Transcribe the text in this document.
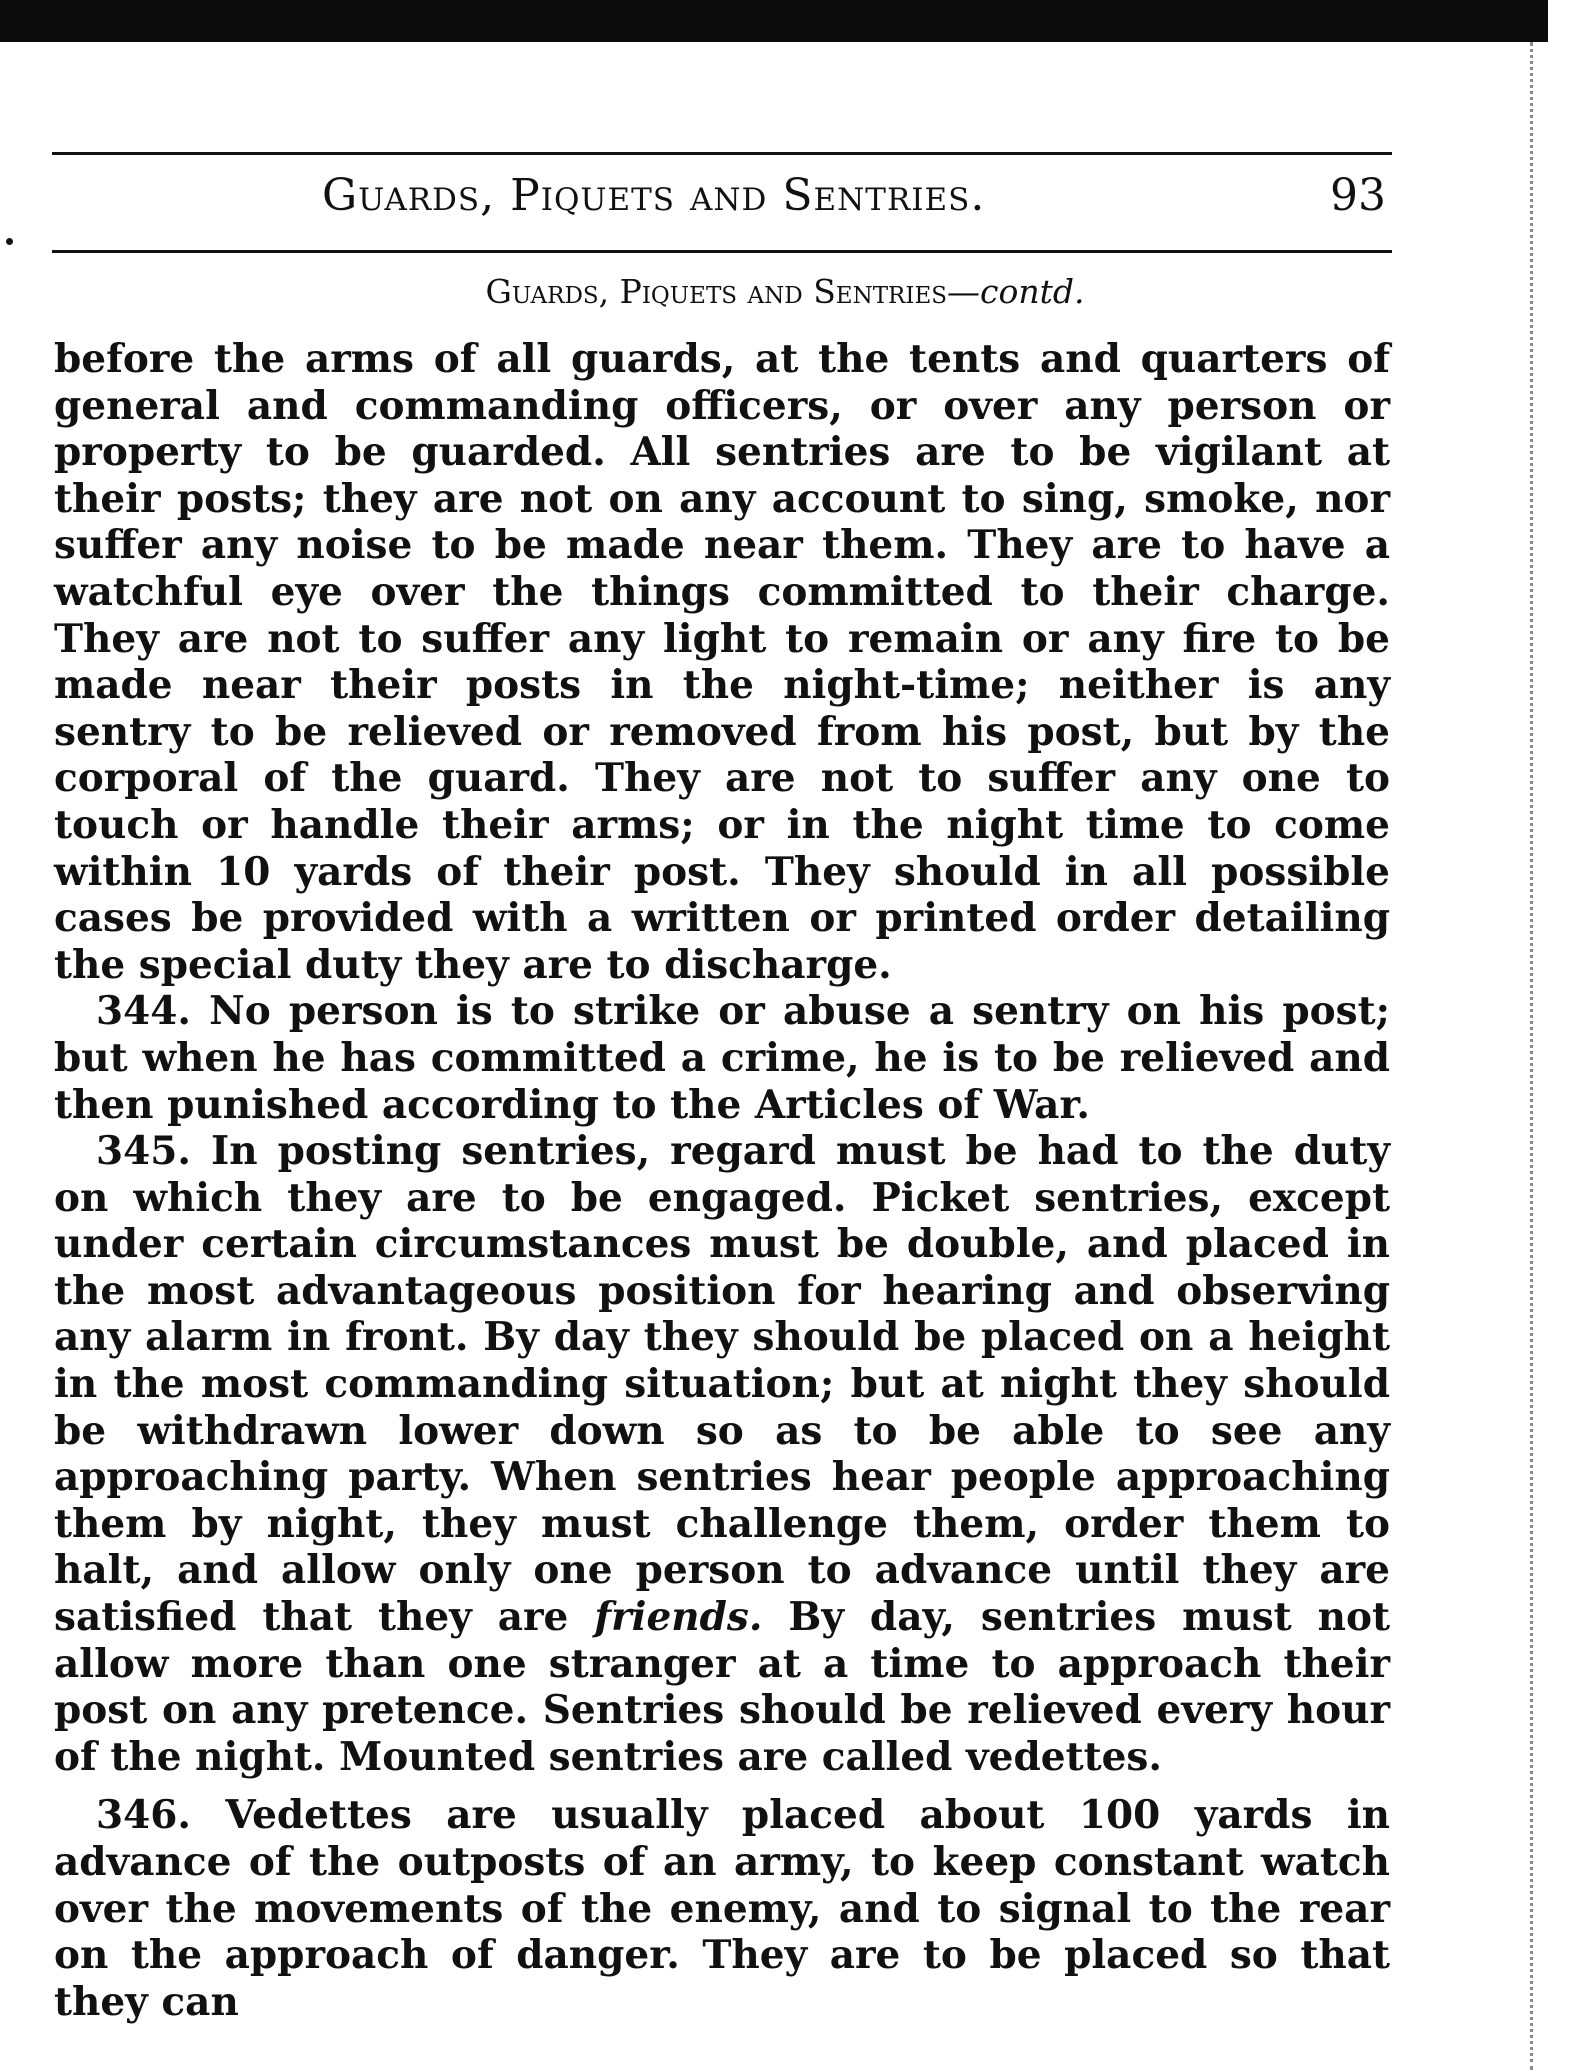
Guards, Piquets and Sentries.	93
Guards, Piquets and Sentries—contd.

before the arms of all guards, at the tents and quarters of general and commanding officers, or over any person or property to be guarded. All sentries are to be vigilant at their posts; they are not on any account to sing, smoke, nor suffer any noise to be made near them. They are to have a watchful eye over the things committed to their charge. They are not to suffer any light to remain or any fire to be made near their posts in the night-time; neither is any sentry to be relieved or removed from his post, but by the corporal of the guard. They are not to suffer any one to touch or handle their arms; or in the night time to come within 10 yards of their post. They should in all possible cases be provided with a written or printed order detailing the special duty they are to discharge.

344. No person is to strike or abuse a sentry on his post; but when he has committed a crime, he is to be relieved and then punished according to the Articles of War.

345. In posting sentries, regard must be had to the duty on which they are to be engaged. Picket sentries, except under certain circumstances must be double, and placed in the most advantageous position for hearing and observing any alarm in front. By day they should be placed on a height in the most commanding situation; but at night they should be withdrawn lower down so as to be able to see any approaching party. When sentries hear people approaching them by night, they must challenge them, order them to halt, and allow only one person to advance until they are satisfied that they are friends. By day, sentries must not allow more than one stranger at a time to approach their post on any pretence. Sentries should be relieved every hour of the night. Mounted sentries are called vedettes.

346. Vedettes are usually placed about 100 yards in advance of the outposts of an army, to keep constant watch over the movements of the enemy, and to signal to the rear on the approach of danger. They are to be placed so that they can
